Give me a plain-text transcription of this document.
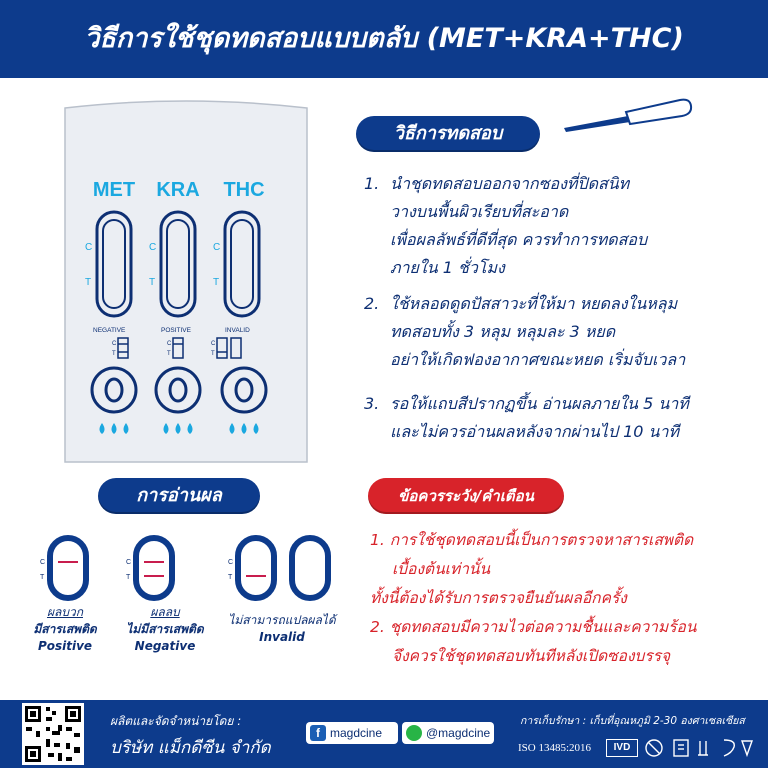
วิธีการใช้ชุดทดสอบแบบตลับ (MET+KRA+THC)
MET KRA THC
C
T
C
T
C
T
NEGATIVE	POSITIVE	INVALID
C
T
C
T
C
T
วิธีการทดสอบ
1. นำชุดทดสอบออกจากซองที่ปิดสนิท
วางบนพื้นผิวเรียบที่สะอาด
เพื่อผลลัพธ์ที่ดีที่สุด ควรทำการทดสอบ
ภายใน 1 ชั่วโมง
2. ใช้หลอดดูดปัสสาวะที่ให้มา หยดลงในหลุม
ทดสอบทั้ง 3 หลุม หลุมละ 3 หยด
อย่าให้เกิดฟองอากาศขณะหยด เริ่มจับเวลา
3. รอให้แถบสีปรากฏขึ้น อ่านผลภายใน 5 นาที
และไม่ควรอ่านผลหลังจากผ่านไป 10 นาที
การอ่านผล
C
T
C
T
C
T
ผลบวก
มีสารเสพติด
Positive
ผลลบ
ไม่มีสารเสพติด
Negative
ไม่สามารถแปลผลได้
Invalid
ข้อควรระวัง/คำเตือน
1. การใช้ชุดทดสอบนี้เป็นการตรวจหาสารเสพติด
เบื้องต้นเท่านั้น
ทั้งนี้ต้องได้รับการตรวจยืนยันผลอีกครั้ง
2. ชุดทดสอบมีความไวต่อความชื้นและความร้อน
จึงควรใช้ชุดทดสอบทันทีหลังเปิดซองบรรจุ
ผลิตและจัดจำหน่ายโดย :
บริษัท แม็กดีซีน จำกัด
f magdcine	@magdcine
การเก็บรักษา : เก็บที่อุณหภูมิ 2-30 องศาเซลเซียส
ISO 13485:2016	IVD
